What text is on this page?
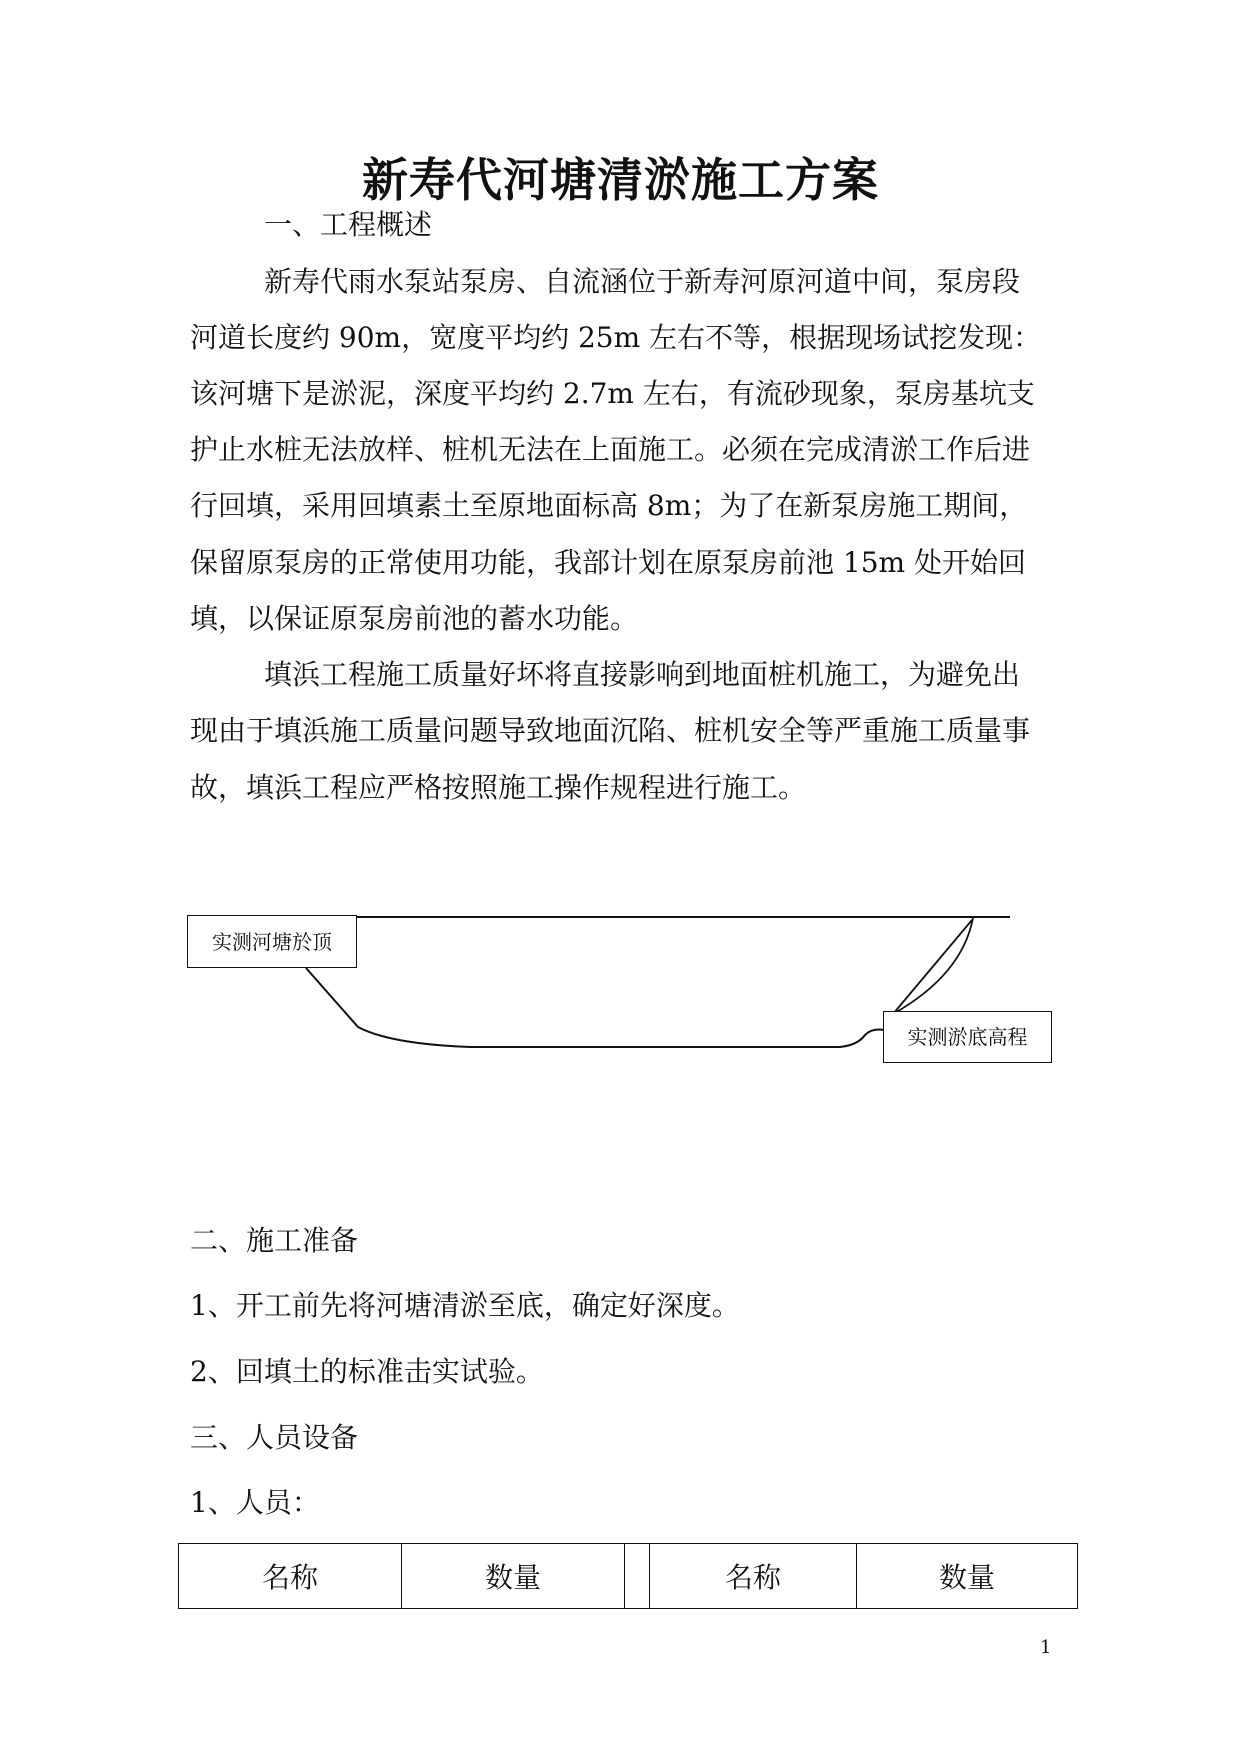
新寿代河塘清淤施工方案
一、工程概述
新寿代雨水泵站泵房、自流涵位于新寿河原河道中间，泵房段
河道长度约 90m，宽度平均约 25m 左右不等，根据现场试挖发现：
该河塘下是淤泥，深度平均约 2.7m 左右，有流砂现象，泵房基坑支
护止水桩无法放样、桩机无法在上面施工。必须在完成清淤工作后进
行回填，采用回填素土至原地面标高 8m；为了在新泵房施工期间，
保留原泵房的正常使用功能，我部计划在原泵房前池 15m 处开始回
填，以保证原泵房前池的蓄水功能。
填浜工程施工质量好坏将直接影响到地面桩机施工，为避免出
现由于填浜施工质量问题导致地面沉陷、桩机安全等严重施工质量事
故，填浜工程应严格按照施工操作规程进行施工。
实测河塘於顶
实测淤底高程
二、施工准备
1、开工前先将河塘清淤至底，确定好深度。
2、回填土的标准击实试验。
三、人员设备
1、人员：
名称	数量		名称	数量
1
